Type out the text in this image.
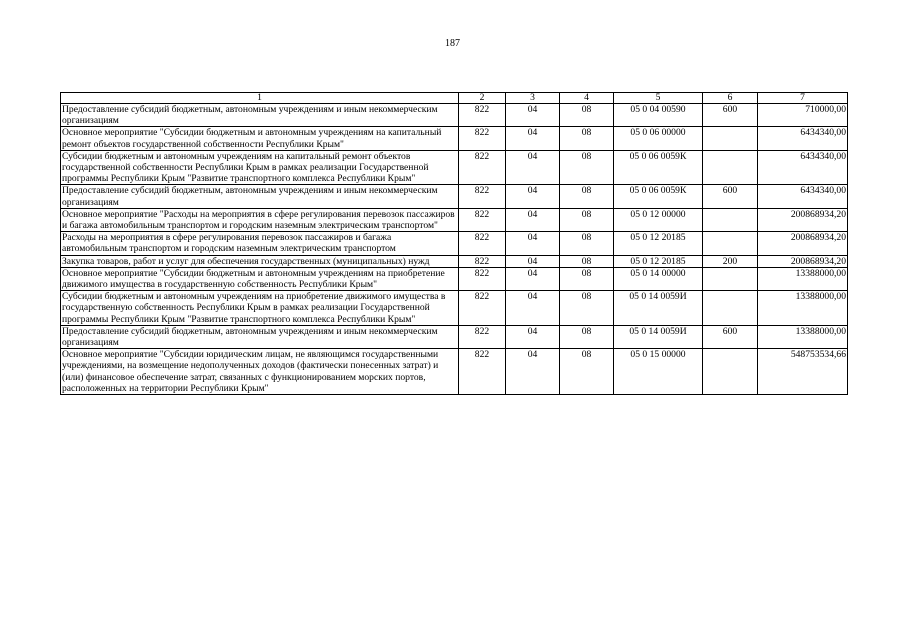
187
1	2	3	4	5	6	7
Предоставление субсидий бюджетным, автономным учреждениям и иным некоммерческим организациям	822	04	08	05 0 04 00590	600	710000,00
Основное мероприятие "Субсидии бюджетным и автономным учреждениям на капитальный ремонт объектов государственной собственности Республики Крым"	822	04	08	05 0 06 00000		6434340,00
Субсидии бюджетным и автономным учреждениям на капитальный ремонт объектов государственной собственности Республики Крым в рамках реализации Государственной программы Республики Крым "Развитие транспортного комплекса Республики Крым"	822	04	08	05 0 06 0059К		6434340,00
Предоставление субсидий бюджетным, автономным учреждениям и иным некоммерческим организациям	822	04	08	05 0 06 0059К	600	6434340,00
Основное мероприятие "Расходы на мероприятия в сфере регулирования перевозок пассажиров и багажа автомобильным транспортом и городским наземным электрическим транспортом"	822	04	08	05 0 12 00000		200868934,20
Расходы на мероприятия в сфере регулирования перевозок пассажиров и багажа автомобильным транспортом и городским наземным электрическим транспортом	822	04	08	05 0 12 20185		200868934,20
Закупка товаров, работ и услуг для обеспечения государственных (муниципальных) нужд	822	04	08	05 0 12 20185	200	200868934,20
Основное мероприятие "Субсидии бюджетным и автономным учреждениям на приобретение движимого имущества в государственную собственность Республики Крым"	822	04	08	05 0 14 00000		13388000,00
Субсидии бюджетным и автономным учреждениям на приобретение движимого имущества в государственную собственность Республики Крым в рамках реализации Государственной программы Республики Крым "Развитие транспортного комплекса Республики Крым"	822	04	08	05 0 14 0059И		13388000,00
Предоставление субсидий бюджетным, автономным учреждениям и иным некоммерческим организациям	822	04	08	05 0 14 0059И	600	13388000,00
Основное мероприятие "Субсидии юридическим лицам, не являющимся государственными учреждениями, на возмещение недополученных доходов (фактически понесенных затрат) и (или) финансовое обеспечение затрат, связанных с функционированием морских портов, расположенных на территории Республики Крым"	822	04	08	05 0 15 00000		548753534,66
